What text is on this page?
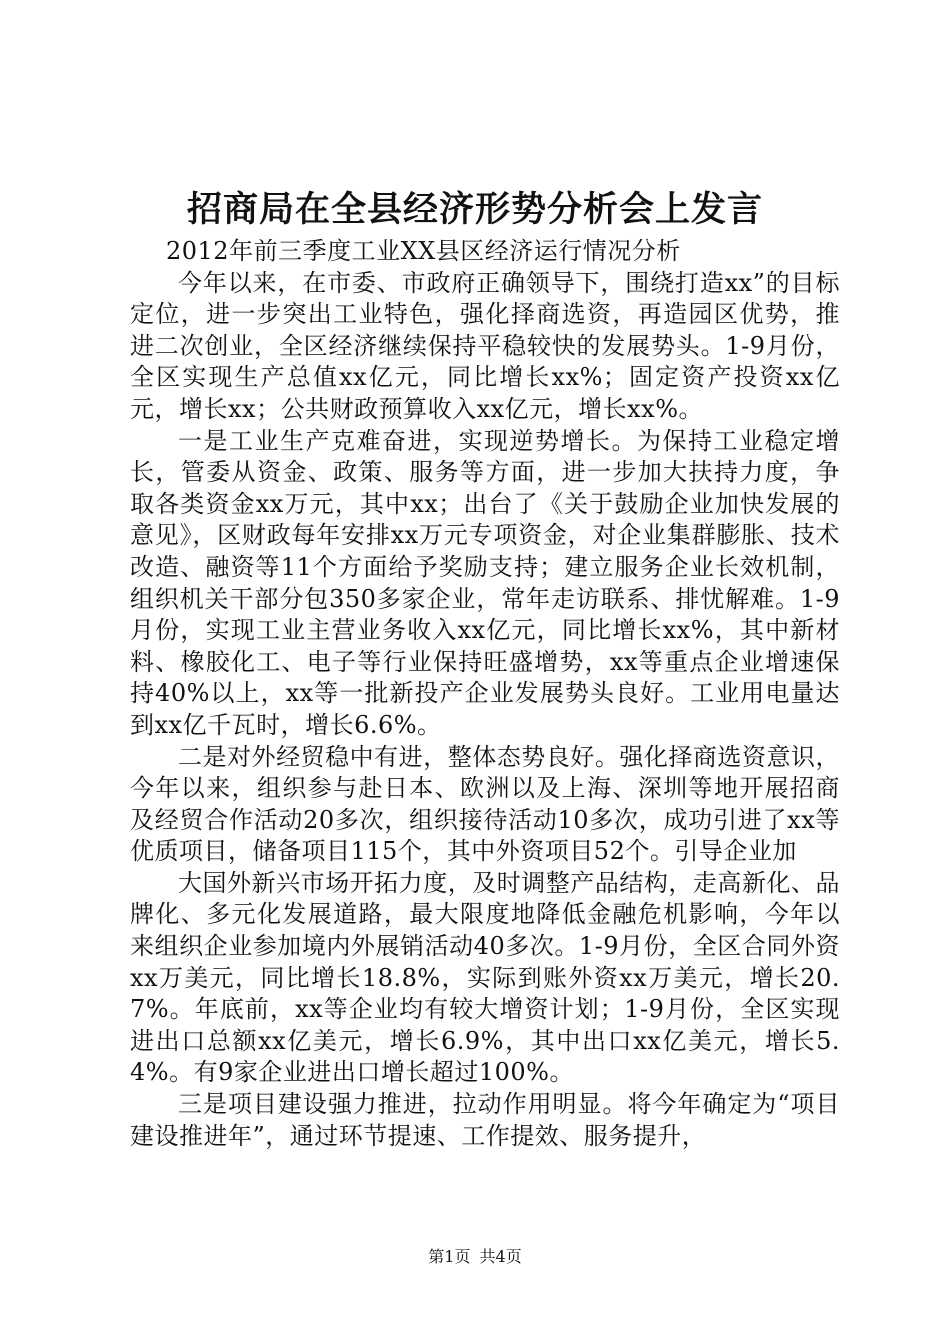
招商局在全县经济形势分析会上发言

2012年前三季度工业XX县区经济运行情况分析

今年以来，在市委、市政府正确领导下，围绕打造xx”的目标定位，进一步突出工业特色，强化择商选资，再造园区优势，推进二次创业，全区经济继续保持平稳较快的发展势头。1-9月份，全区实现生产总值xx亿元，同比增长xx%；固定资产投资xx亿元，增长xx；公共财政预算收入xx亿元，增长xx%。

一是工业生产克难奋进，实现逆势增长。为保持工业稳定增长，管委从资金、政策、服务等方面，进一步加大扶持力度，争取各类资金xx万元，其中xx；出台了《关于鼓励企业加快发展的意见》，区财政每年安排xx万元专项资金，对企业集群膨胀、技术改造、融资等11个方面给予奖励支持；建立服务企业长效机制，组织机关干部分包350多家企业，常年走访联系、排忧解难。1-9月份，实现工业主营业务收入xx亿元，同比增长xx%，其中新材料、橡胶化工、电子等行业保持旺盛增势，xx等重点企业增速保持40%以上，xx等一批新投产企业发展势头良好。工业用电量达到xx亿千瓦时，增长6.6%。

二是对外经贸稳中有进，整体态势良好。强化择商选资意识，今年以来，组织参与赴日本、欧洲以及上海、深圳等地开展招商及经贸合作活动20多次，组织接待活动10多次，成功引进了xx等优质项目，储备项目115个，其中外资项目52个。引导企业加

大国外新兴市场开拓力度，及时调整产品结构，走高新化、品牌化、多元化发展道路，最大限度地降低金融危机影响，今年以来组织企业参加境内外展销活动40多次。1-9月份，全区合同外资xx万美元，同比增长18.8%，实际到账外资xx万美元，增长20.7%。年底前，xx等企业均有较大增资计划；1-9月份，全区实现进出口总额xx亿美元，增长6.9%，其中出口xx亿美元，增长5.4%。有9家企业进出口增长超过100%。

三是项目建设强力推进，拉动作用明显。将今年确定为“项目建设推进年”，通过环节提速、工作提效、服务提升，

第1页 共4页
